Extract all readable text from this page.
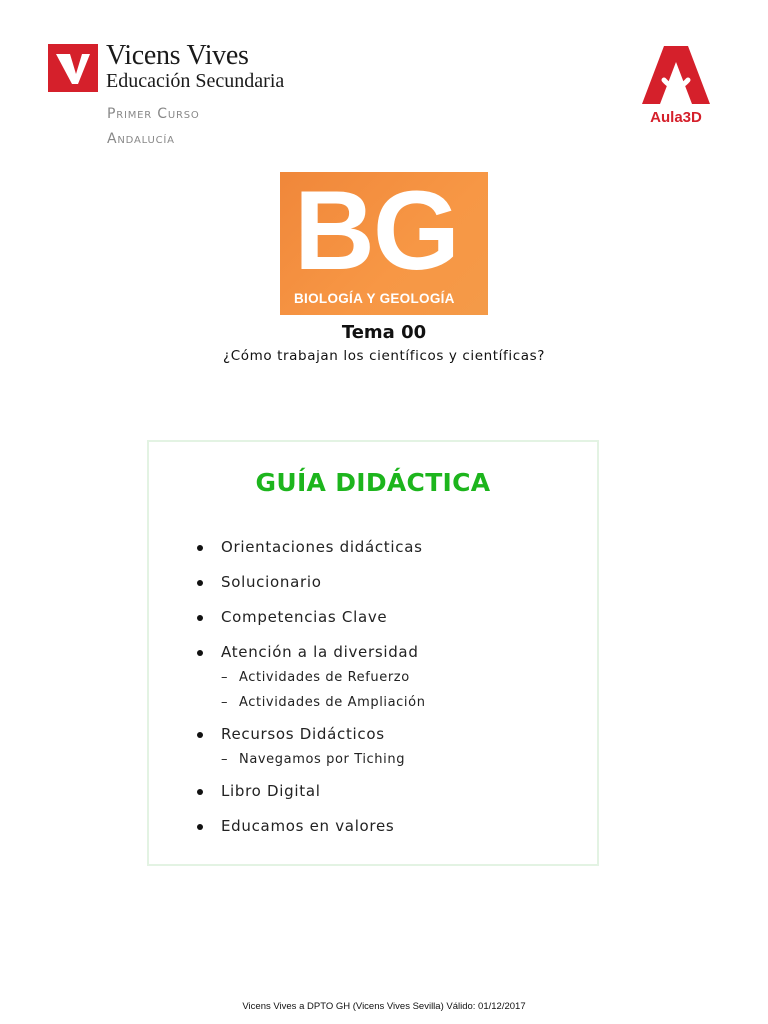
Vicens Vives
Educación Secundaria
Primer Curso
Andalucía
Aula3D
BG
BIOLOGÍA Y GEOLOGÍA
Tema 00
¿Cómo trabajan los científicos y científicas?
GUÍA DIDÁCTICA
Orientaciones didácticas
Solucionario
Competencias Clave
Atención a la diversidad
– Actividades de Refuerzo
– Actividades de Ampliación
Recursos Didácticos
– Navegamos por Tiching
Libro Digital
Educamos en valores
Vicens Vives a DPTO GH (Vicens Vives Sevilla) Válido: 01/12/2017
